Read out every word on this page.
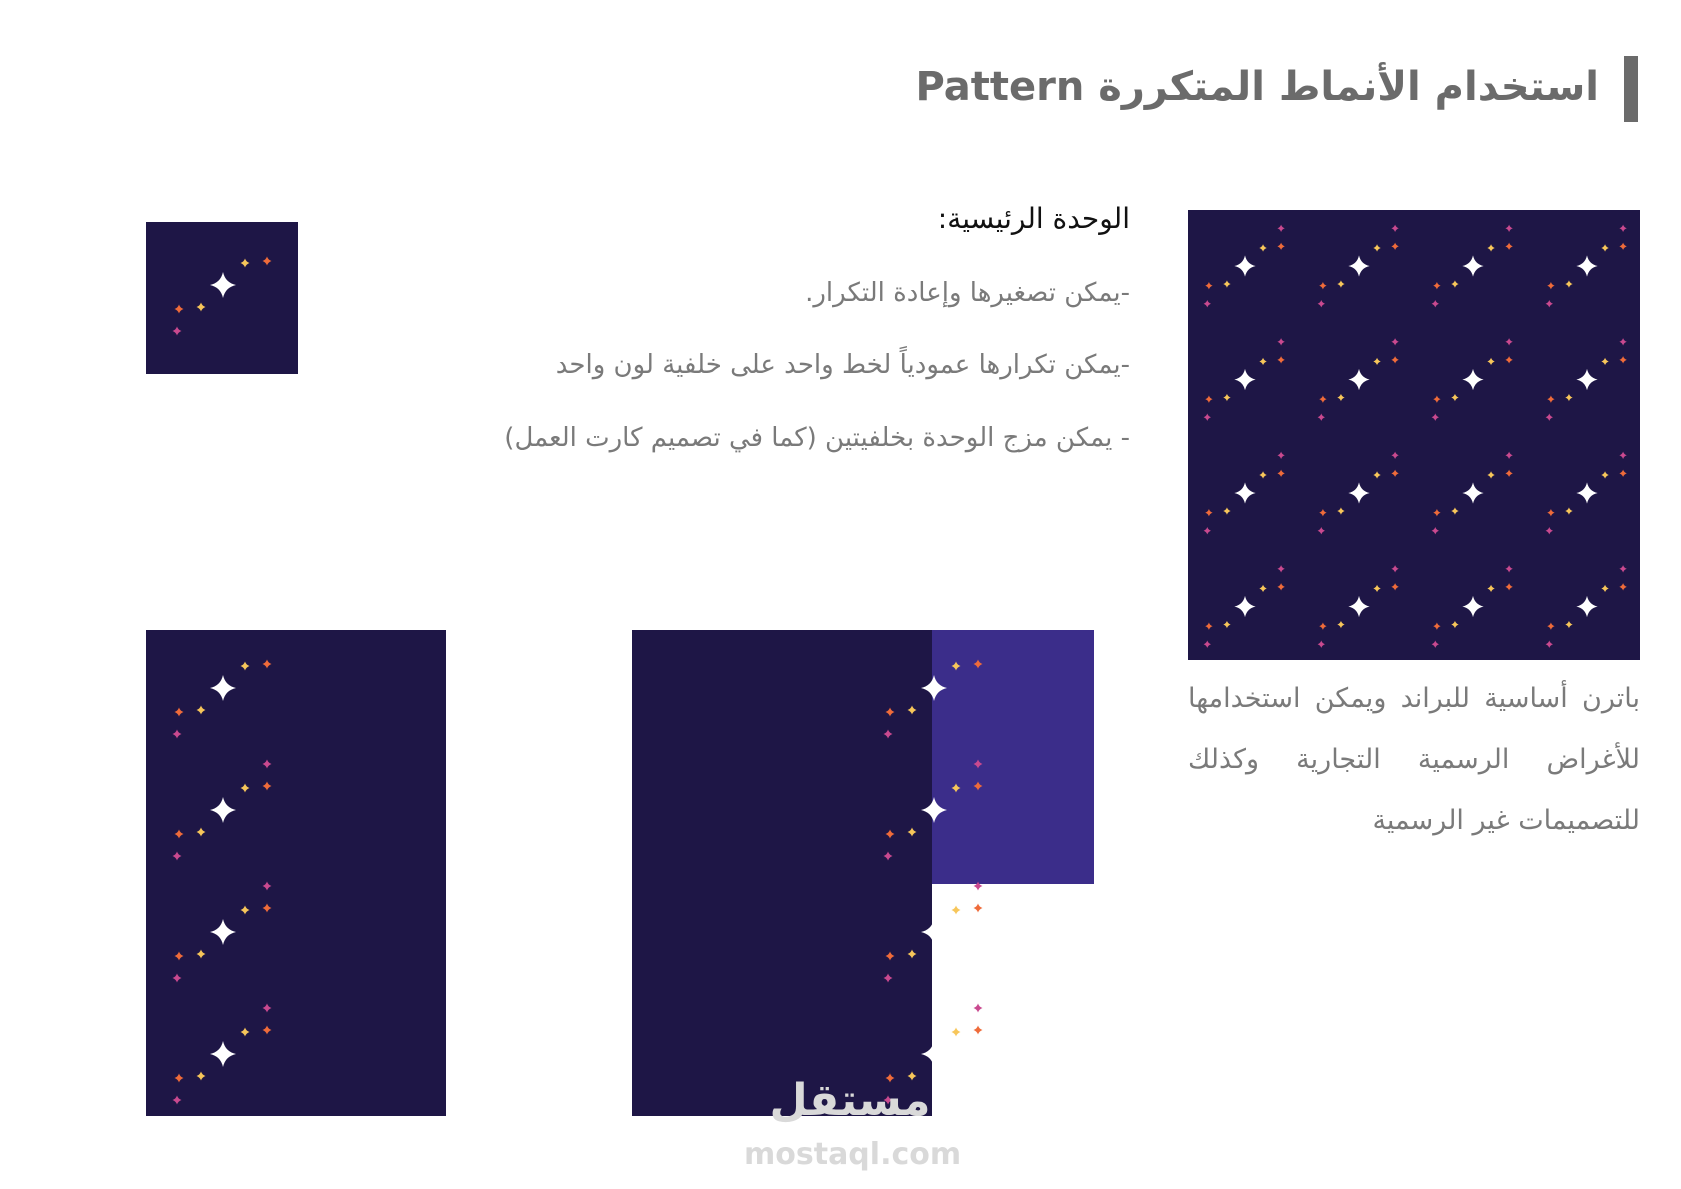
استخدام الأنماط المتكررة Pattern
الوحدة الرئيسية:
-يمكن تصغيرها وإعادة التكرار.
-يمكن تكرارها عمودياً لخط واحد على خلفية لون واحد
- يمكن مزج الوحدة بخلفيتين (كما في تصميم كارت العمل)
باترن أساسية للبراند ويمكن استخدامها للأغراض الرسمية التجارية وكذلك للتصميمات غير الرسمية
مستقل
mostaql.com
